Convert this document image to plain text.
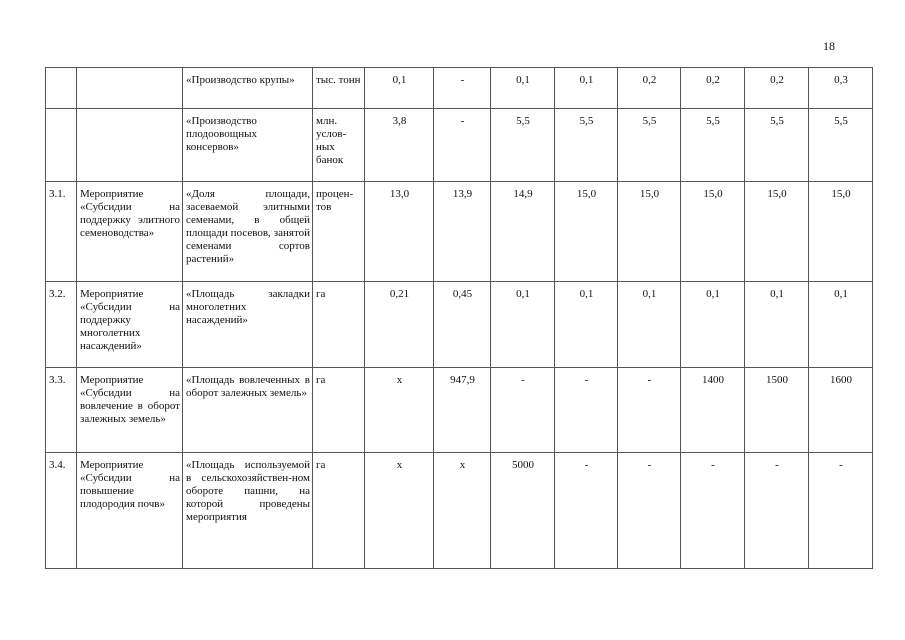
18
		«Производство крупы»	тыс. тонн	0,1	-	0,1	0,1	0,2	0,2	0,2	0,3
		«Производство плодоовощных консервов»	млн. услов-ных банок	3,8	-	5,5	5,5	5,5	5,5	5,5	5,5
3.1.	Мероприятие «Субсидии на поддержку элитного семеноводства»	«Доля площади, засеваемой элитными семенами, в общей площади посевов, занятой семенами сортов растений»	процен-тов	13,0	13,9	14,9	15,0	15,0	15,0	15,0	15,0
3.2.	Мероприятие «Субсидии на поддержку многолетних насаждений»	«Площадь закладки многолетних насаждений»	га	0,21	0,45	0,1	0,1	0,1	0,1	0,1	0,1
3.3.	Мероприятие «Субсидии на вовлечение в оборот залежных земель»	«Площадь вовлеченных в оборот залежных земель»	га	х	947,9	-	-	-	1400	1500	1600
3.4.	Мероприятие «Субсидии на повышение плодородия почв»	«Площадь используемой в сельскохозяйствен-ном обороте пашни, на которой проведены мероприятия	га	х	х	5000	-	-	-	-	-
